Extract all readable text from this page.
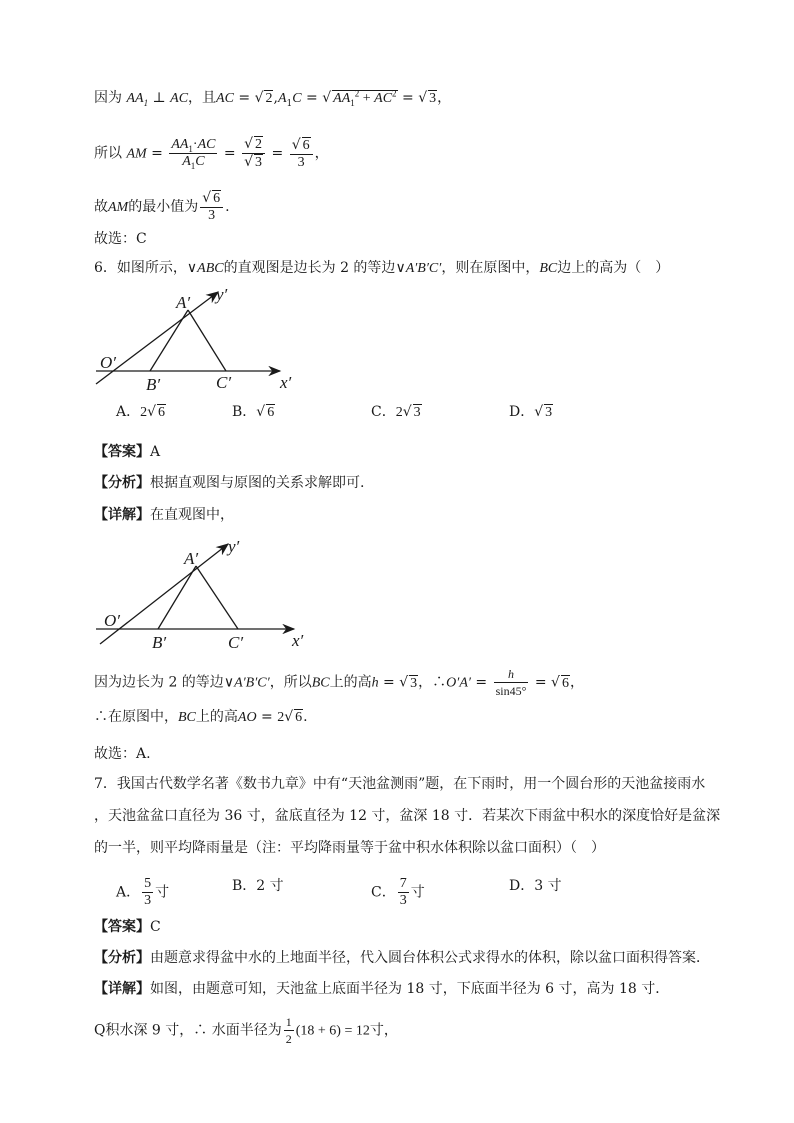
因为 $AA_1$ ⊥ AC，且AC = √ $2,A_1C$ = √ $AA_1^2 + AC^2$ = √ 3，
所以 AM = $\frac{AA_1\cdot AC}{A_1C} = \frac{√ 2}{√ 3} = \frac{√ 6}{3}$ ，
故AM的最小值为 $\frac{√ 6}{3}$ .
故选：C
6．如图所示，∨ABC的直观图是边长为 2 的等边∨A′B′C′，则在原图中，BC边上的高为（　）
A′ y′
O′
B′	C′	x′
A．2√ 6	B．√ 6	C．2√ 3	D．√ 3
【答案】A
【分析】根据直观图与原图的关系求解即可.
【详解】在直观图中，
A′
y′
O′
B′	C′	x′
因为边长为 2 的等边∨A′B′C′，所以BC上的高h = √ 3，∴O′A′ = $\frac{h}{\sin 45^\circ}$ = √ 6，
∴在原图中，BC上的高AO = 2√ 6.
故选：A.
7．我国古代数学名著《数书九章》中有“天池盆测雨”题，在下雨时，用一个圆台形的天池盆接雨水
，天池盆盆口直径为 36 寸，盆底直径为 12 寸，盆深 18 寸．若某次下雨盆中积水的深度恰好是盆深
的一半，则平均降雨量是（注：平均降雨量等于盆中积水体积除以盆口面积）（　）
A． $\frac{5}{3}$ 寸	B．2 寸	C． $\frac{7}{3}$ 寸	D．3 寸
【答案】C
【分析】由题意求得盆中水的上地面半径，代入圆台体积公式求得水的体积，除以盆口面积得答案．
【详解】如图，由题意可知，天池盆上底面半径为 18 寸，下底面半径为 6 寸，高为 18 寸．
Q积水深 9 寸，∴ 水面半径为 $\frac{1}{2} (18 + 6) = 12$寸，
